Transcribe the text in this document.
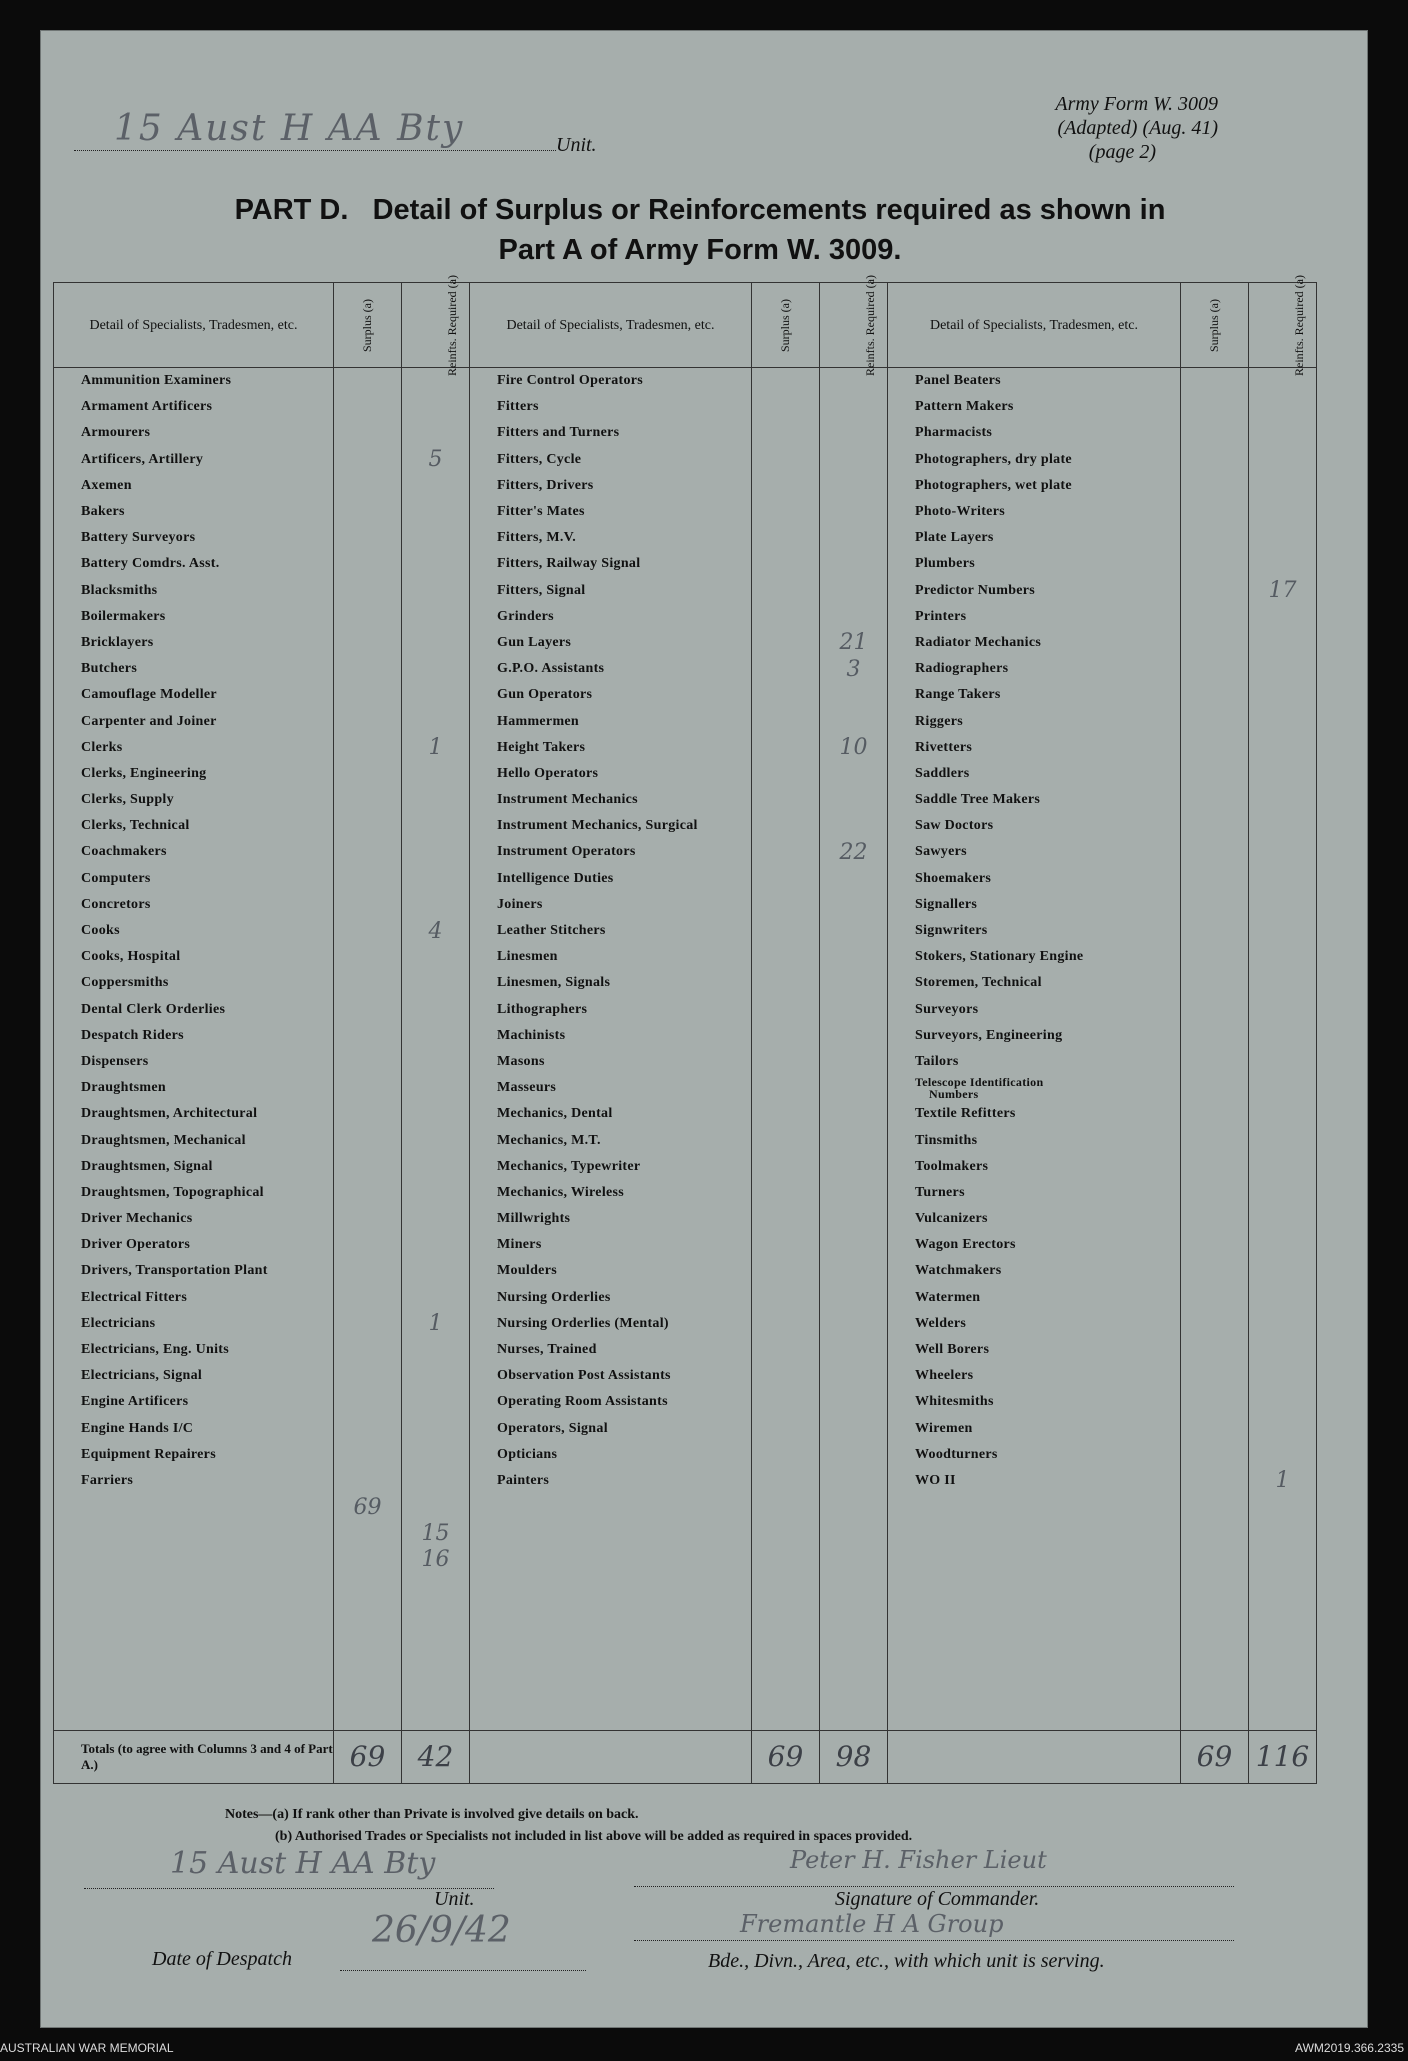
15 Aust H AA Bty	Unit.
Army Form W. 3009
(Adapted) (Aug. 41)
(page 2)
PART D.   Detail of Surplus or Reinforcements required as shown in
Part A of Army Form W. 3009.
Detail of Specialists, Tradesmen, etc.	Surplus (a)	Reinfts. Required (a)	Detail of Specialists, Tradesmen, etc.	Surplus (a)	Reinfts. Required (a)	Detail of Specialists, Tradesmen, etc.	Surplus (a)	Reinfts. Required (a)
Ammunition Examiners			Fire Control Operators			Panel Beaters		
Armament Artificers			Fitters			Pattern Makers		
Armourers			Fitters and Turners			Pharmacists		
Artificers, Artillery		5	Fitters, Cycle			Photographers, dry plate		
Axemen			Fitters, Drivers			Photographers, wet plate		
Bakers			Fitter's Mates			Photo-Writers		
Battery Surveyors			Fitters, M.V.			Plate Layers		
Battery Comdrs. Asst.			Fitters, Railway Signal			Plumbers		
Blacksmiths			Fitters, Signal			Predictor Numbers		17
Boilermakers			Grinders			Printers		
Bricklayers			Gun Layers		21	Radiator Mechanics		
Butchers			G.P.O. Assistants		3	Radiographers		
Camouflage Modeller			Gun Operators			Range Takers		
Carpenter and Joiner			Hammermen			Riggers		
Clerks		1	Height Takers		10	Rivetters		
Clerks, Engineering			Hello Operators			Saddlers		
Clerks, Supply			Instrument Mechanics			Saddle Tree Makers		
Clerks, Technical			Instrument Mechanics, Surgical			Saw Doctors		
Coachmakers			Instrument Operators		22	Sawyers		
Computers			Intelligence Duties			Shoemakers		
Concretors			Joiners			Signallers		
Cooks		4	Leather Stitchers			Signwriters		
Cooks, Hospital			Linesmen			Stokers, Stationary Engine		
Coppersmiths			Linesmen, Signals			Storemen, Technical		
Dental Clerk Orderlies			Lithographers			Surveyors		
Despatch Riders			Machinists			Surveyors, Engineering		
Dispensers			Masons			Tailors		
Draughtsmen			Masseurs			Telescope Identification
Numbers		

Draughtsmen, Architectural			Mechanics, Dental			Textile Refitters		
Draughtsmen, Mechanical			Mechanics, M.T.			Tinsmiths		
Draughtsmen, Signal			Mechanics, Typewriter			Toolmakers		
Draughtsmen, Topographical			Mechanics, Wireless			Turners		
Driver Mechanics			Millwrights			Vulcanizers		
Driver Operators			Miners			Wagon Erectors		
Drivers, Transportation Plant			Moulders			Watchmakers		
Electrical Fitters			Nursing Orderlies			Watermen		
Electricians		1	Nursing Orderlies (Mental)			Welders		
Electricians, Eng. Units			Nurses, Trained			Well Borers		
Electricians, Signal			Observation Post Assistants			Wheelers		
Engine Artificers			Operating Room Assistants			Whitesmiths		
Engine Hands I/C			Operators, Signal			Wiremen		
Equipment Repairers			Opticians			Woodturners		
Farriers			Painters			WO II		1
	69							
		15						
		16						

Totals (to agree with Columns 3 and 4 of Part A.)	69	42		69	98		69	116
Notes—(a) If rank other than Private is involved give details on back.
(b) Authorised Trades or Specialists not included in list above will be added as required in spaces provided.
15 Aust H AA Bty
Unit.
Peter H. Fisher Lieut
Signature of Commander.
Date of Despatch
26/9/42	Fremantle H A Group
Bde., Divn., Area, etc., with which unit is serving.
AUSTRALIAN WAR MEMORIAL	AWM2019.366.2335
